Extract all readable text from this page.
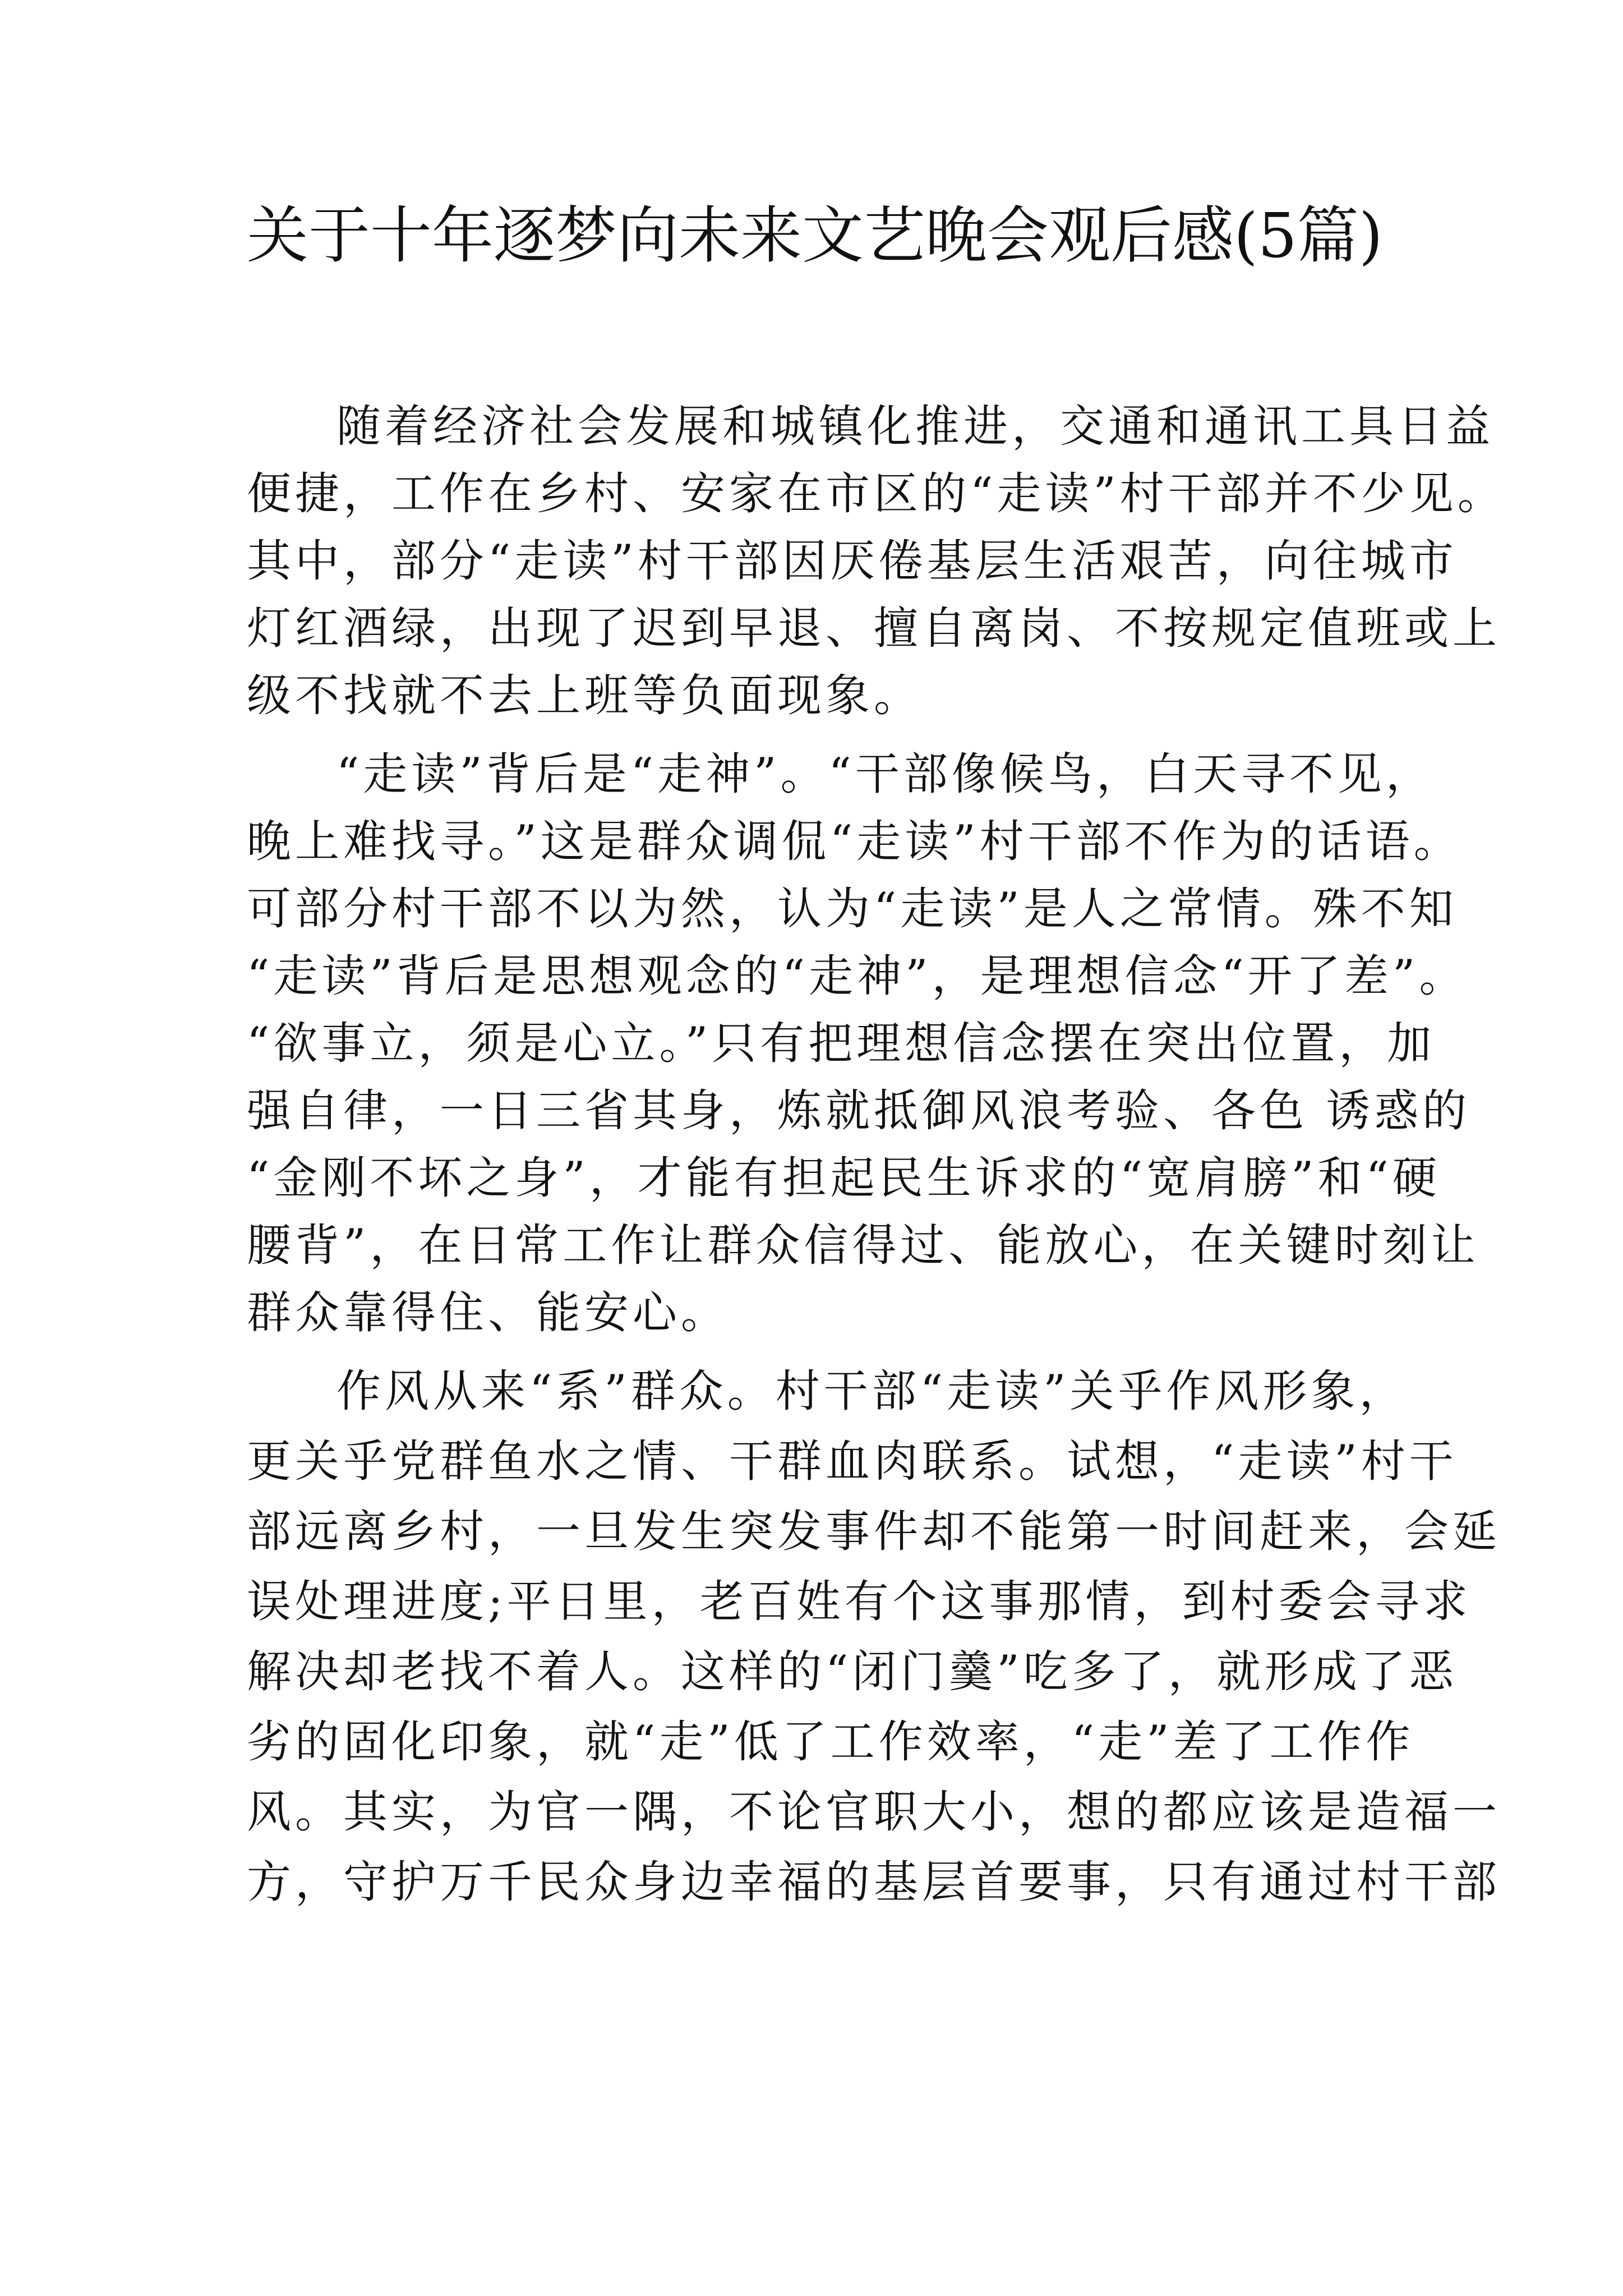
关于十年逐梦向未来文艺晚会观后感(5篇)

随着经济社会发展和城镇化推进，交通和通讯工具日益

便捷，工作在乡村、安家在市区的“走读”村干部并不少见。

其中，部分“走读”村干部因厌倦基层生活艰苦，向往城市

灯红酒绿，出现了迟到早退、擅自离岗、不按规定值班或上

级不找就不去上班等负面现象。

“走读”背后是“走神”。“干部像候鸟，白天寻不见，

晚上难找寻。”这是群众调侃“走读”村干部不作为的话语。

可部分村干部不以为然，认为“走读”是人之常情。殊不知

“走读”背后是思想观念的“走神”，是理想信念“开了差”。

“欲事立，须是心立。”只有把理想信念摆在突出位置，加

强自律，一日三省其身，炼就抵御风浪考验、各色 诱惑的

“金刚不坏之身”，才能有担起民生诉求的“宽肩膀”和“硬

腰背”，在日常工作让群众信得过、能放心，在关键时刻让

群众靠得住、能安心。

作风从来“系”群众。村干部“走读”关乎作风形象，

更关乎党群鱼水之情、干群血肉联系。试想，“走读”村干

部远离乡村，一旦发生突发事件却不能第一时间赶来，会延

误处理进度;平日里，老百姓有个这事那情，到村委会寻求

解决却老找不着人。这样的“闭门羹”吃多了，就形成了恶

劣的固化印象，就“走”低了工作效率，“走”差了工作作

风。其实，为官一隅，不论官职大小，想的都应该是造福一

方，守护万千民众身边幸福的基层首要事，只有通过村干部
